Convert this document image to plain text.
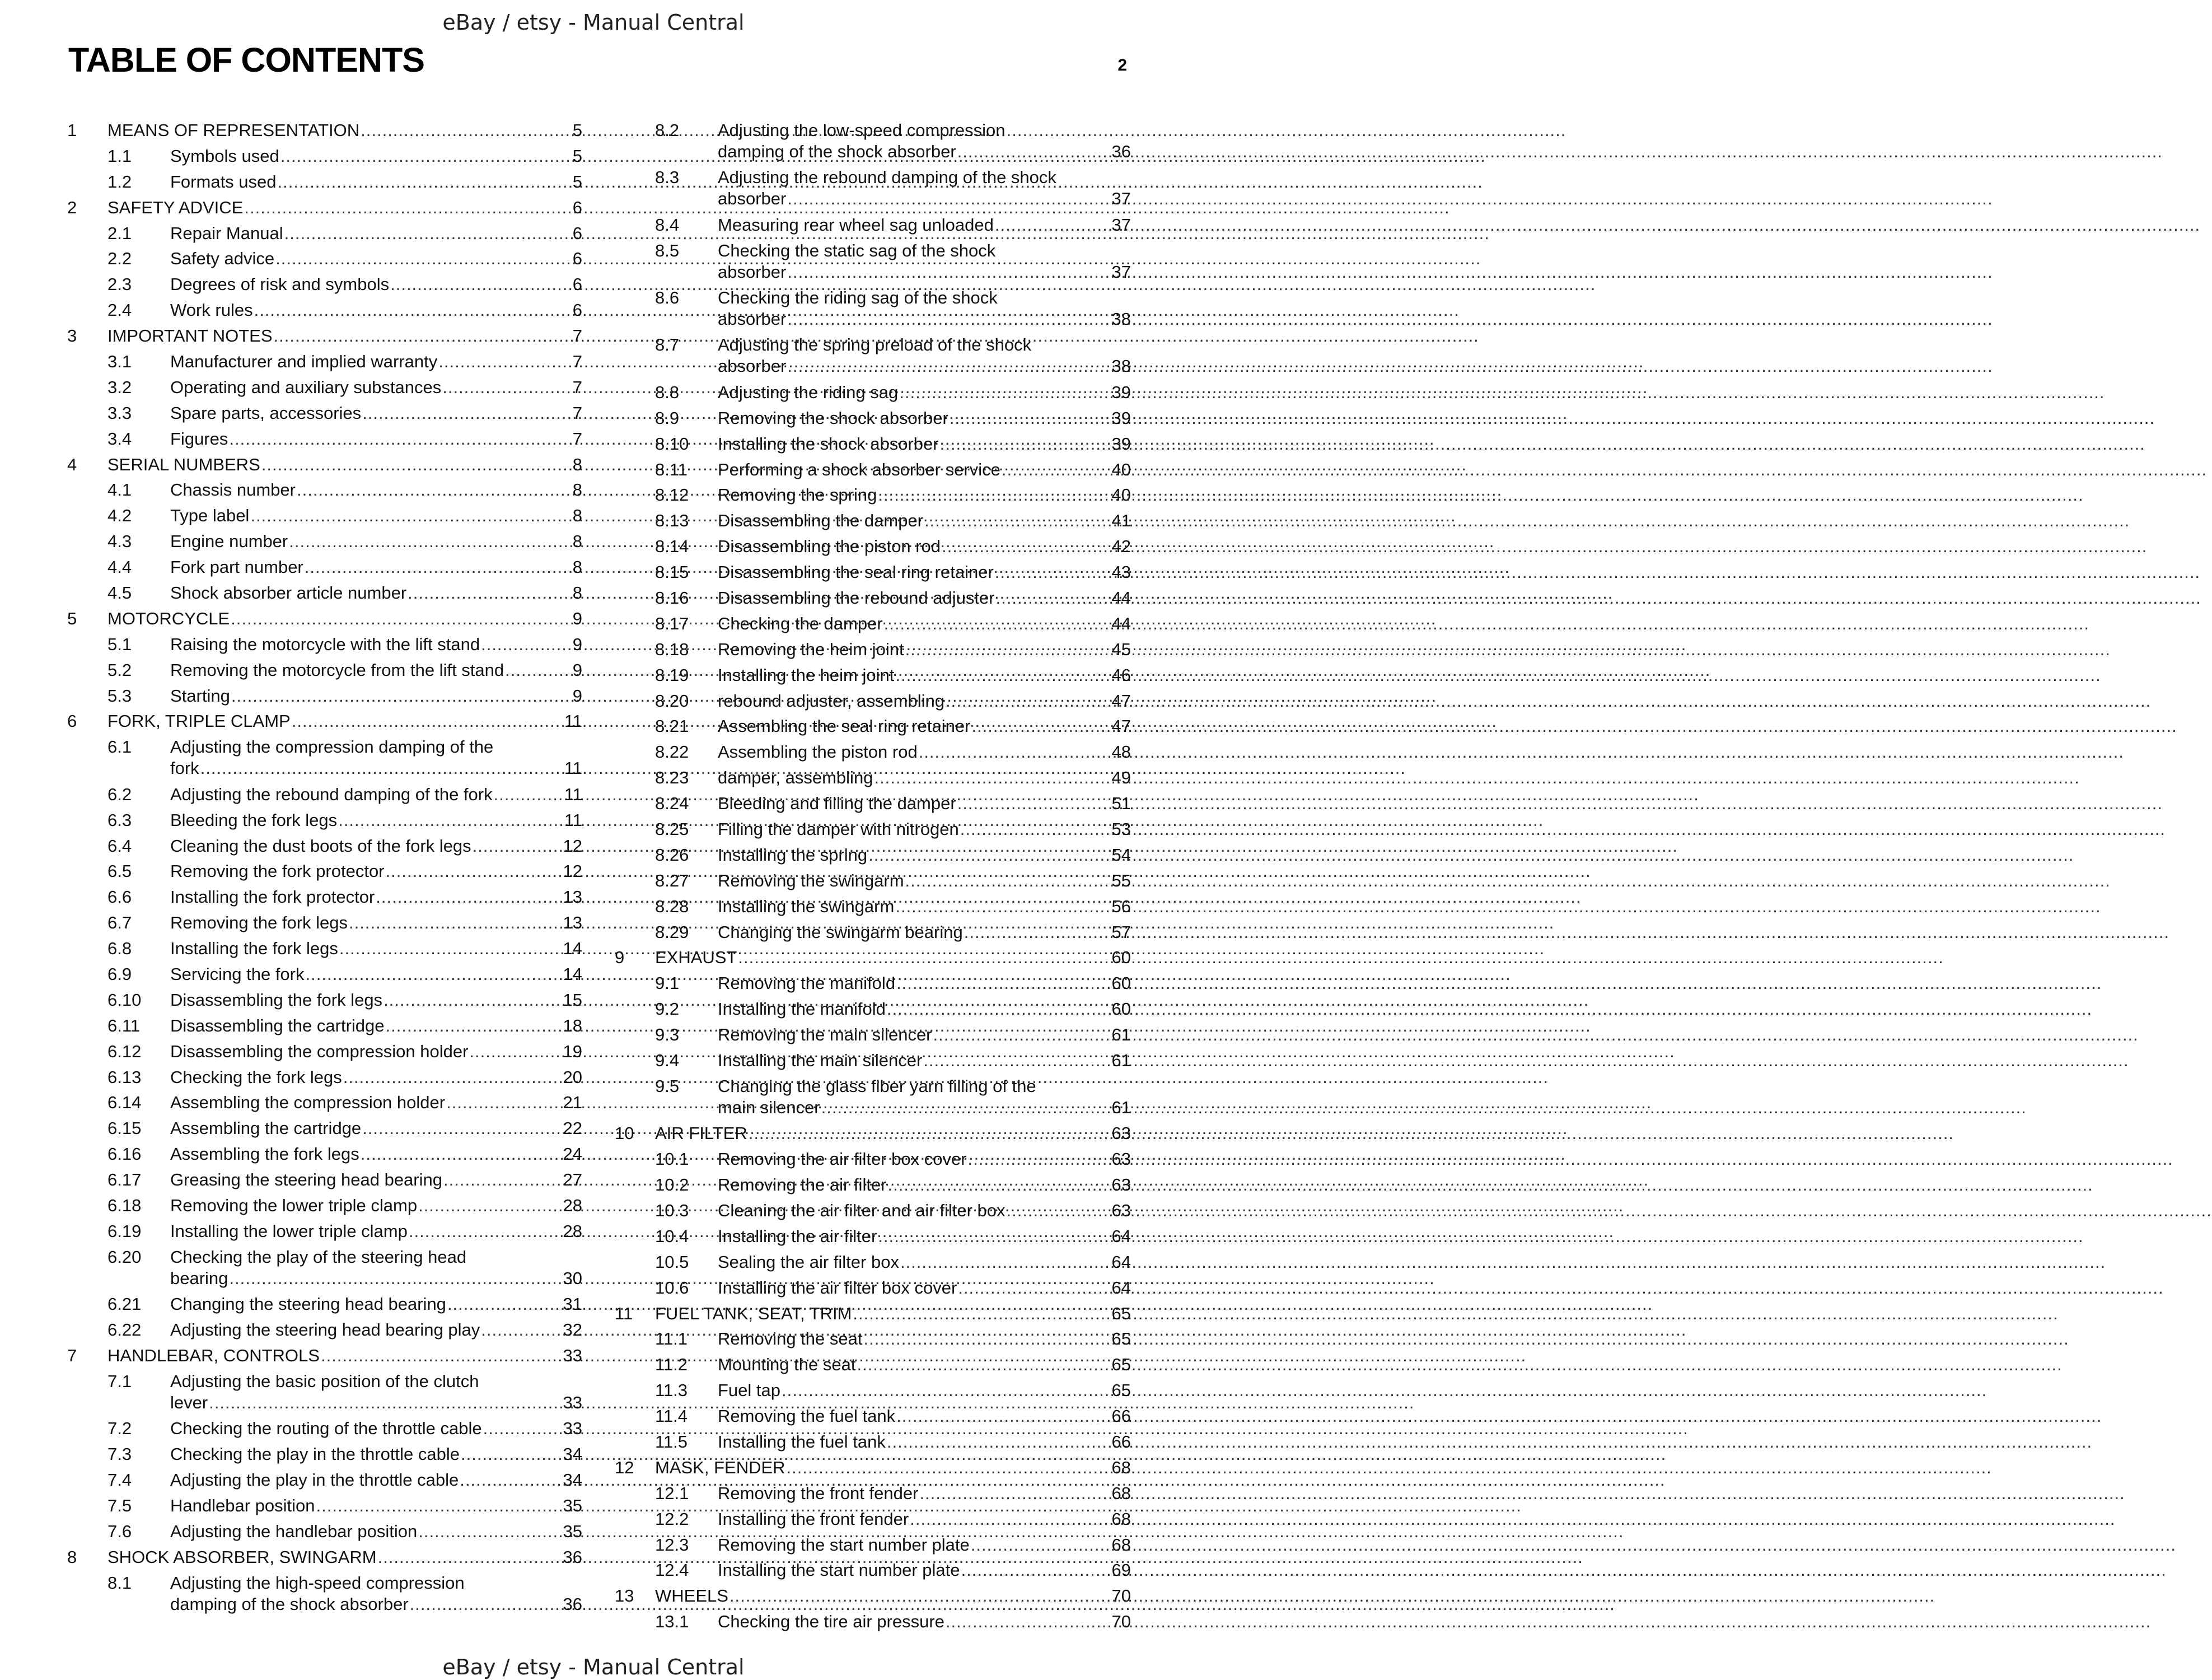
eBay / etsy - Manual Central
TABLE OF CONTENTS	2
1 MEANS OF REPRESENTATION .....	5
1.1 Symbols used .....	5
1.2 Formats used .....	5
2 SAFETY ADVICE .....	6
2.1 Repair Manual .....	6
2.2 Safety advice .....	6
2.3 Degrees of risk and symbols .....	6
2.4 Work rules .....	6
3 IMPORTANT NOTES .....	7
3.1 Manufacturer and implied warranty .....	7
3.2 Operating and auxiliary substances .....	7
3.3 Spare parts, accessories .....	7
3.4 Figures .....	7
4 SERIAL NUMBERS .....	8
4.1 Chassis number .....	8
4.2 Type label .....	8
4.3 Engine number .....	8
4.4 Fork part number .....	8
4.5 Shock absorber article number .....	8
5 MOTORCYCLE .....	9
5.1 Raising the motorcycle with the lift stand .....	9
5.2 Removing the motorcycle from the lift stand .....	9
5.3 Starting .....	9
6 FORK, TRIPLE CLAMP .....	11
6.1 Adjusting the compression damping of the
fork .....	11
6.2 Adjusting the rebound damping of the fork .....	11
6.3 Bleeding the fork legs .....	11
6.4 Cleaning the dust boots of the fork legs .....	12
6.5 Removing the fork protector .....	12
6.6 Installing the fork protector .....	13
6.7 Removing the fork legs .....	13
6.8 Installing the fork legs .....	14
6.9 Servicing the fork .....	14
6.10 Disassembling the fork legs .....	15
6.11 Disassembling the cartridge .....	18
6.12 Disassembling the compression holder .....	19
6.13 Checking the fork legs .....	20
6.14 Assembling the compression holder .....	21
6.15 Assembling the cartridge .....	22
6.16 Assembling the fork legs .....	24
6.17 Greasing the steering head bearing .....	27
6.18 Removing the lower triple clamp .....	28
6.19 Installing the lower triple clamp .....	28
6.20 Checking the play of the steering head
bearing .....	30
6.21 Changing the steering head bearing .....	31
6.22 Adjusting the steering head bearing play .....	32
7 HANDLEBAR, CONTROLS .....	33
7.1 Adjusting the basic position of the clutch
lever .....	33
7.2 Checking the routing of the throttle cable .....	33
7.3 Checking the play in the throttle cable .....	34
7.4 Adjusting the play in the throttle cable .....	34
7.5 Handlebar position .....	35
7.6 Adjusting the handlebar position .....	35
8 SHOCK ABSORBER, SWINGARM .....	36
8.1 Adjusting the high-speed compression
damping of the shock absorber .....	36
8.2 Adjusting the low-speed compression
damping of the shock absorber .....	36
8.3 Adjusting the rebound damping of the shock
absorber .....	37
8.4 Measuring rear wheel sag unloaded .....	37
8.5 Checking the static sag of the shock
absorber .....	37
8.6 Checking the riding sag of the shock
absorber .....	38
8.7 Adjusting the spring preload of the shock
absorber .....	38
8.8 Adjusting the riding sag .....	39
8.9 Removing the shock absorber .....	39
8.10 Installing the shock absorber .....	39
8.11 Performing a shock absorber service .....	40
8.12 Removing the spring .....	40
8.13 Disassembling the damper .....	41
8.14 Disassembling the piston rod .....	42
8.15 Disassembling the seal ring retainer .....	43
8.16 Disassembling the rebound adjuster .....	44
8.17 Checking the damper .....	44
8.18 Removing the heim joint .....	45
8.19 Installing the heim joint .....	46
8.20 rebound adjuster, assembling .....	47
8.21 Assembling the seal ring retainer .....	47
8.22 Assembling the piston rod .....	48
8.23 damper, assembling .....	49
8.24 Bleeding and filling the damper .....	51
8.25 Filling the damper with nitrogen .....	53
8.26 Installing the spring .....	54
8.27 Removing the swingarm .....	55
8.28 Installing the swingarm .....	56
8.29 Changing the swingarm bearing .....	57
9 EXHAUST .....	60
9.1 Removing the manifold .....	60
9.2 Installing the manifold .....	60
9.3 Removing the main silencer .....	61
9.4 Installing the main silencer .....	61
9.5 Changing the glass fiber yarn filling of the
main silencer .....	61
10 AIR FILTER .....	63
10.1 Removing the air filter box cover .....	63
10.2 Removing the air filter .....	63
10.3 Cleaning the air filter and air filter box .....	63
10.4 Installing the air filter .....	64
10.5 Sealing the air filter box .....	64
10.6 Installing the air filter box cover .....	64
11 FUEL TANK, SEAT, TRIM .....	65
11.1 Removing the seat .....	65
11.2 Mounting the seat .....	65
11.3 Fuel tap .....	65
11.4 Removing the fuel tank .....	66
11.5 Installing the fuel tank .....	66
12 MASK, FENDER .....	68
12.1 Removing the front fender .....	68
12.2 Installing the front fender .....	68
12.3 Removing the start number plate .....	68
12.4 Installing the start number plate .....	69
13 WHEELS .....	70
13.1 Checking the tire air pressure .....	70
eBay / etsy - Manual Central
